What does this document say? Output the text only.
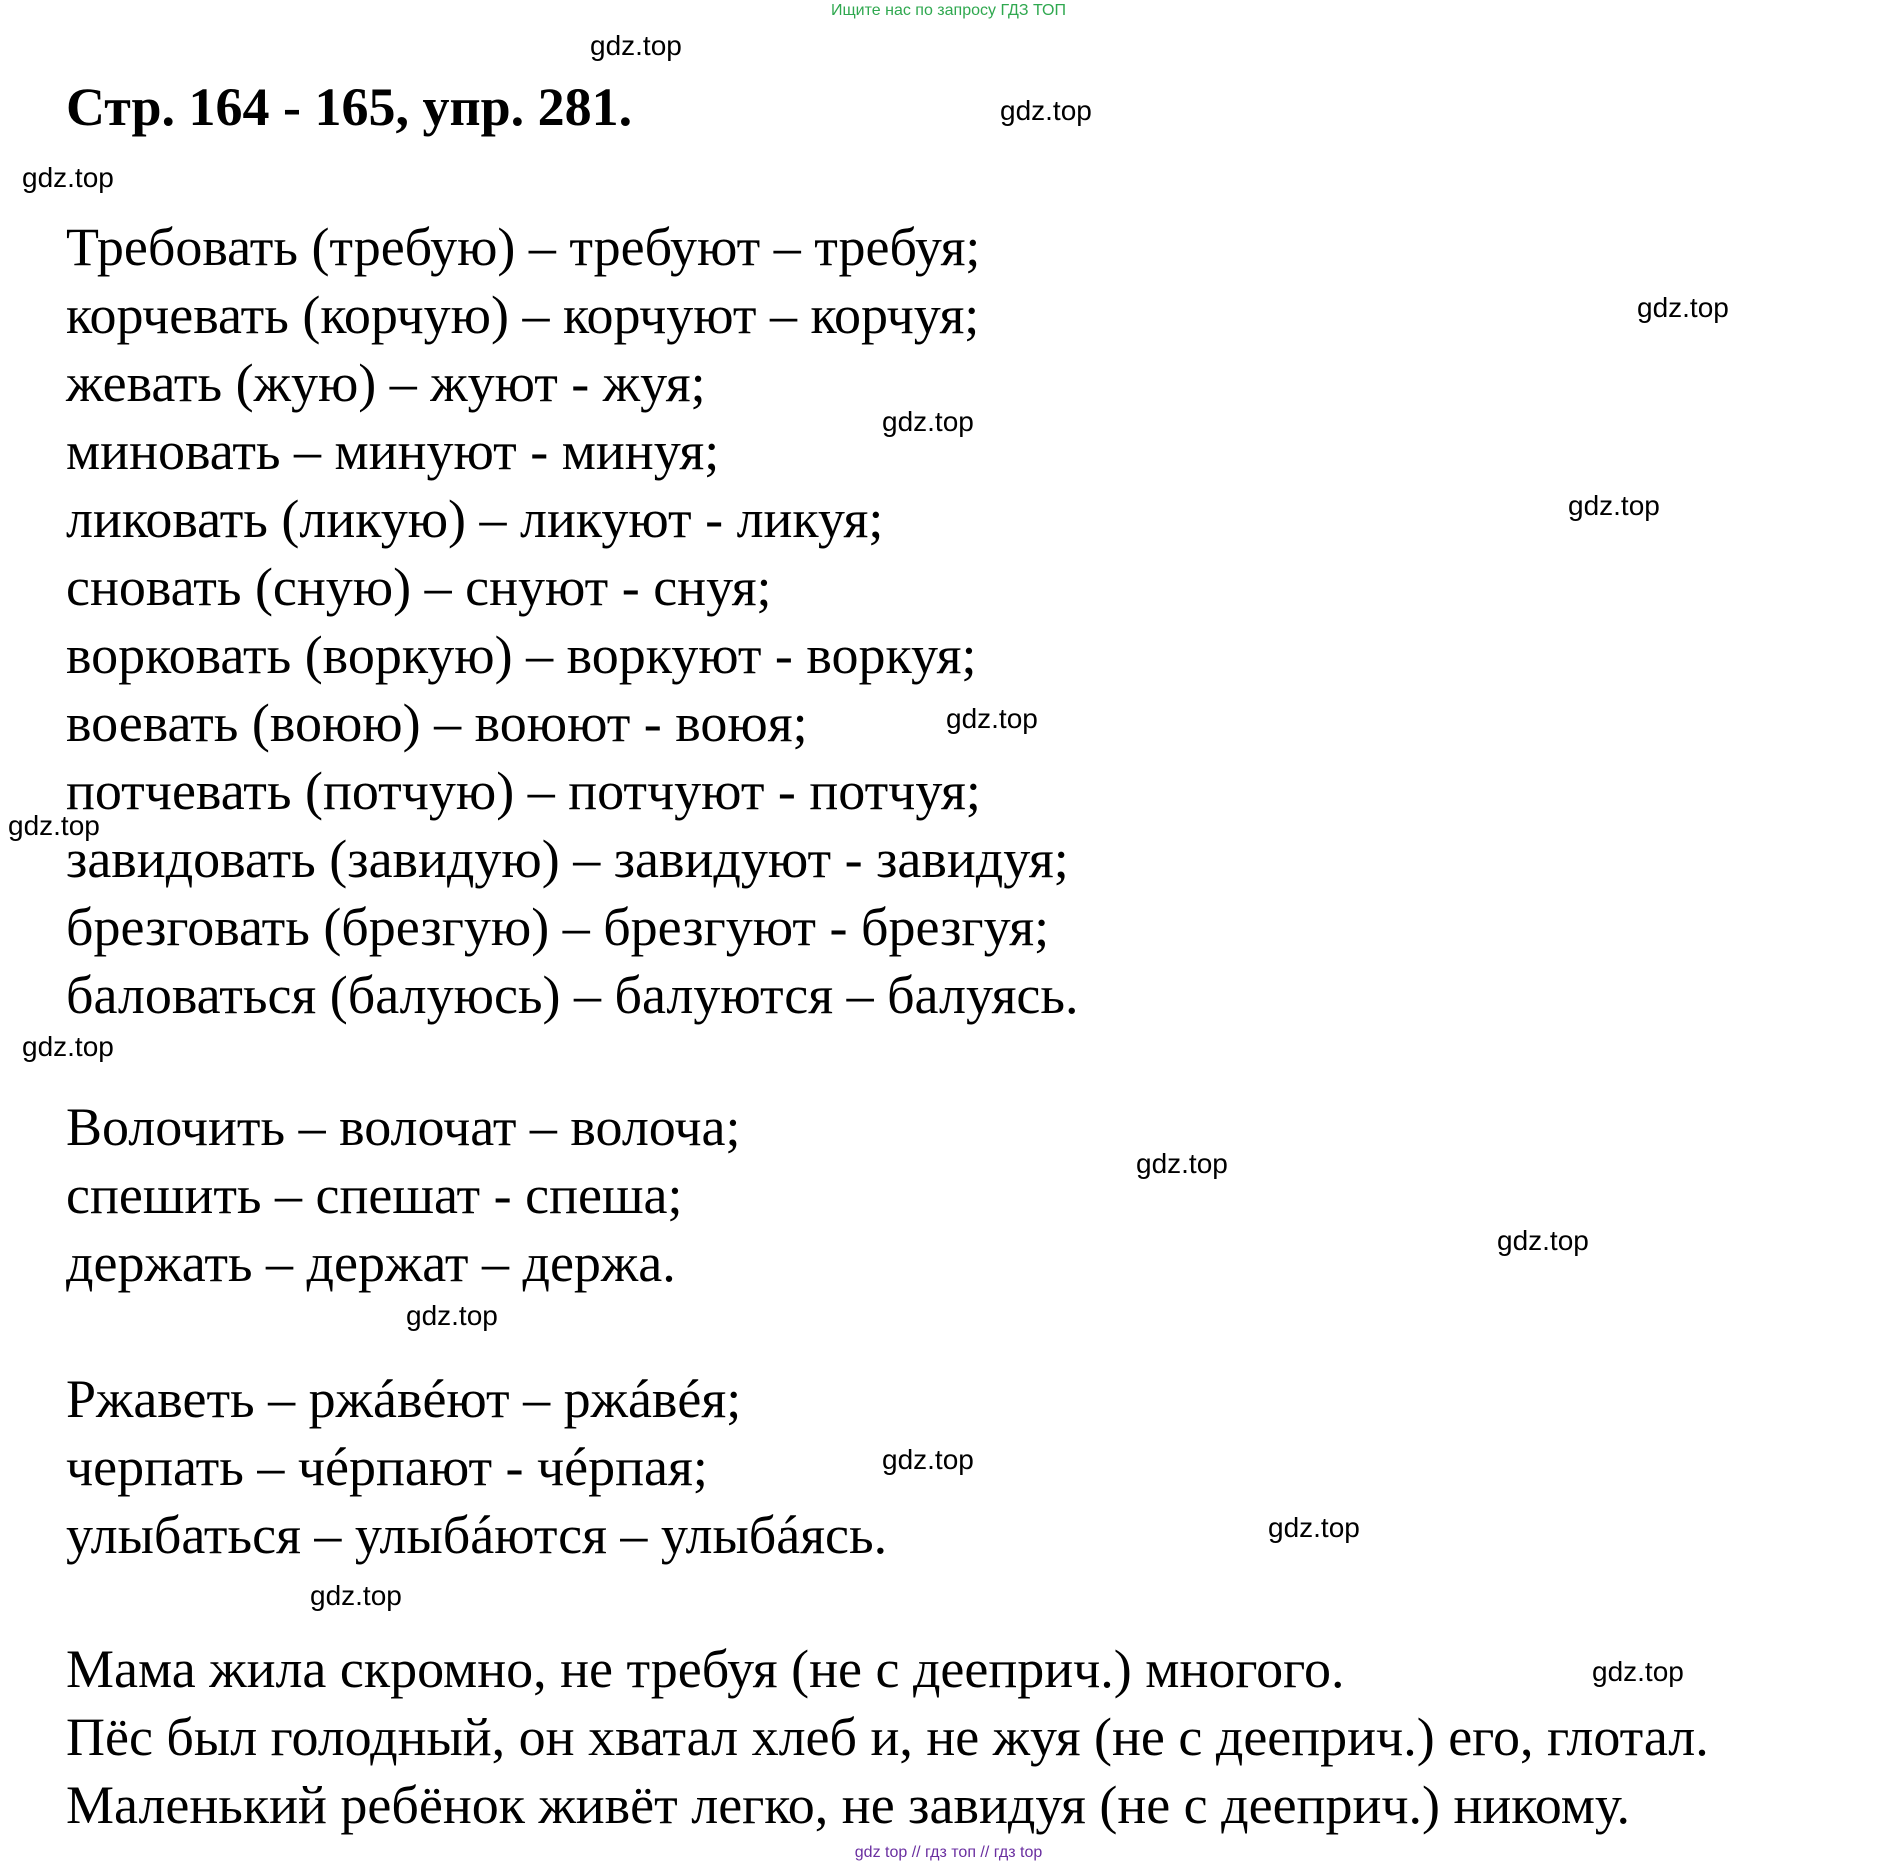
Ищите нас по запросу ГДЗ ТОП
Стр. 164 - 165, упр. 281.
gdz.top
gdz.top
gdz.top
gdz.top
gdz.top
gdz.top
gdz.top
gdz.top
gdz.top
gdz.top
gdz.top
gdz.top
gdz.top
gdz.top
gdz.top
gdz.top
Требовать (требую) – требуют – требуя;
корчевать (корчую) – корчуют – корчуя;
жевать (жую) – жуют - жуя;
миновать – минуют - минуя;
ликовать (ликую) – ликуют - ликуя;
сновать (сную) – снуют - снуя;
ворковать (воркую) – воркуют - воркуя;
воевать (воюю) – воюют - воюя;
потчевать (потчую) – потчуют - потчуя;
завидовать (завидую) – завидуют - завидуя;
брезговать (брезгую) – брезгуют - брезгуя;
баловаться (балуюсь) – балуются – балуясь.
Волочить – волочат – волоча;
спешить – спешат - спеша;
держать – держат – держа.
Ржаветь – ржáвéют – ржáвéя;
черпать – чéрпают - чéрпая;
улыбаться – улыбáются – улыбáясь.
Мама жила скромно, не требуя (не с дееприч.) многого.
Пёс был голодный, он хватал хлеб и, не жуя (не с дееприч.) его, глотал.
Маленький ребёнок живёт легко, не завидуя (не с дееприч.) никому.
gdz top // гдз топ // гдз top
